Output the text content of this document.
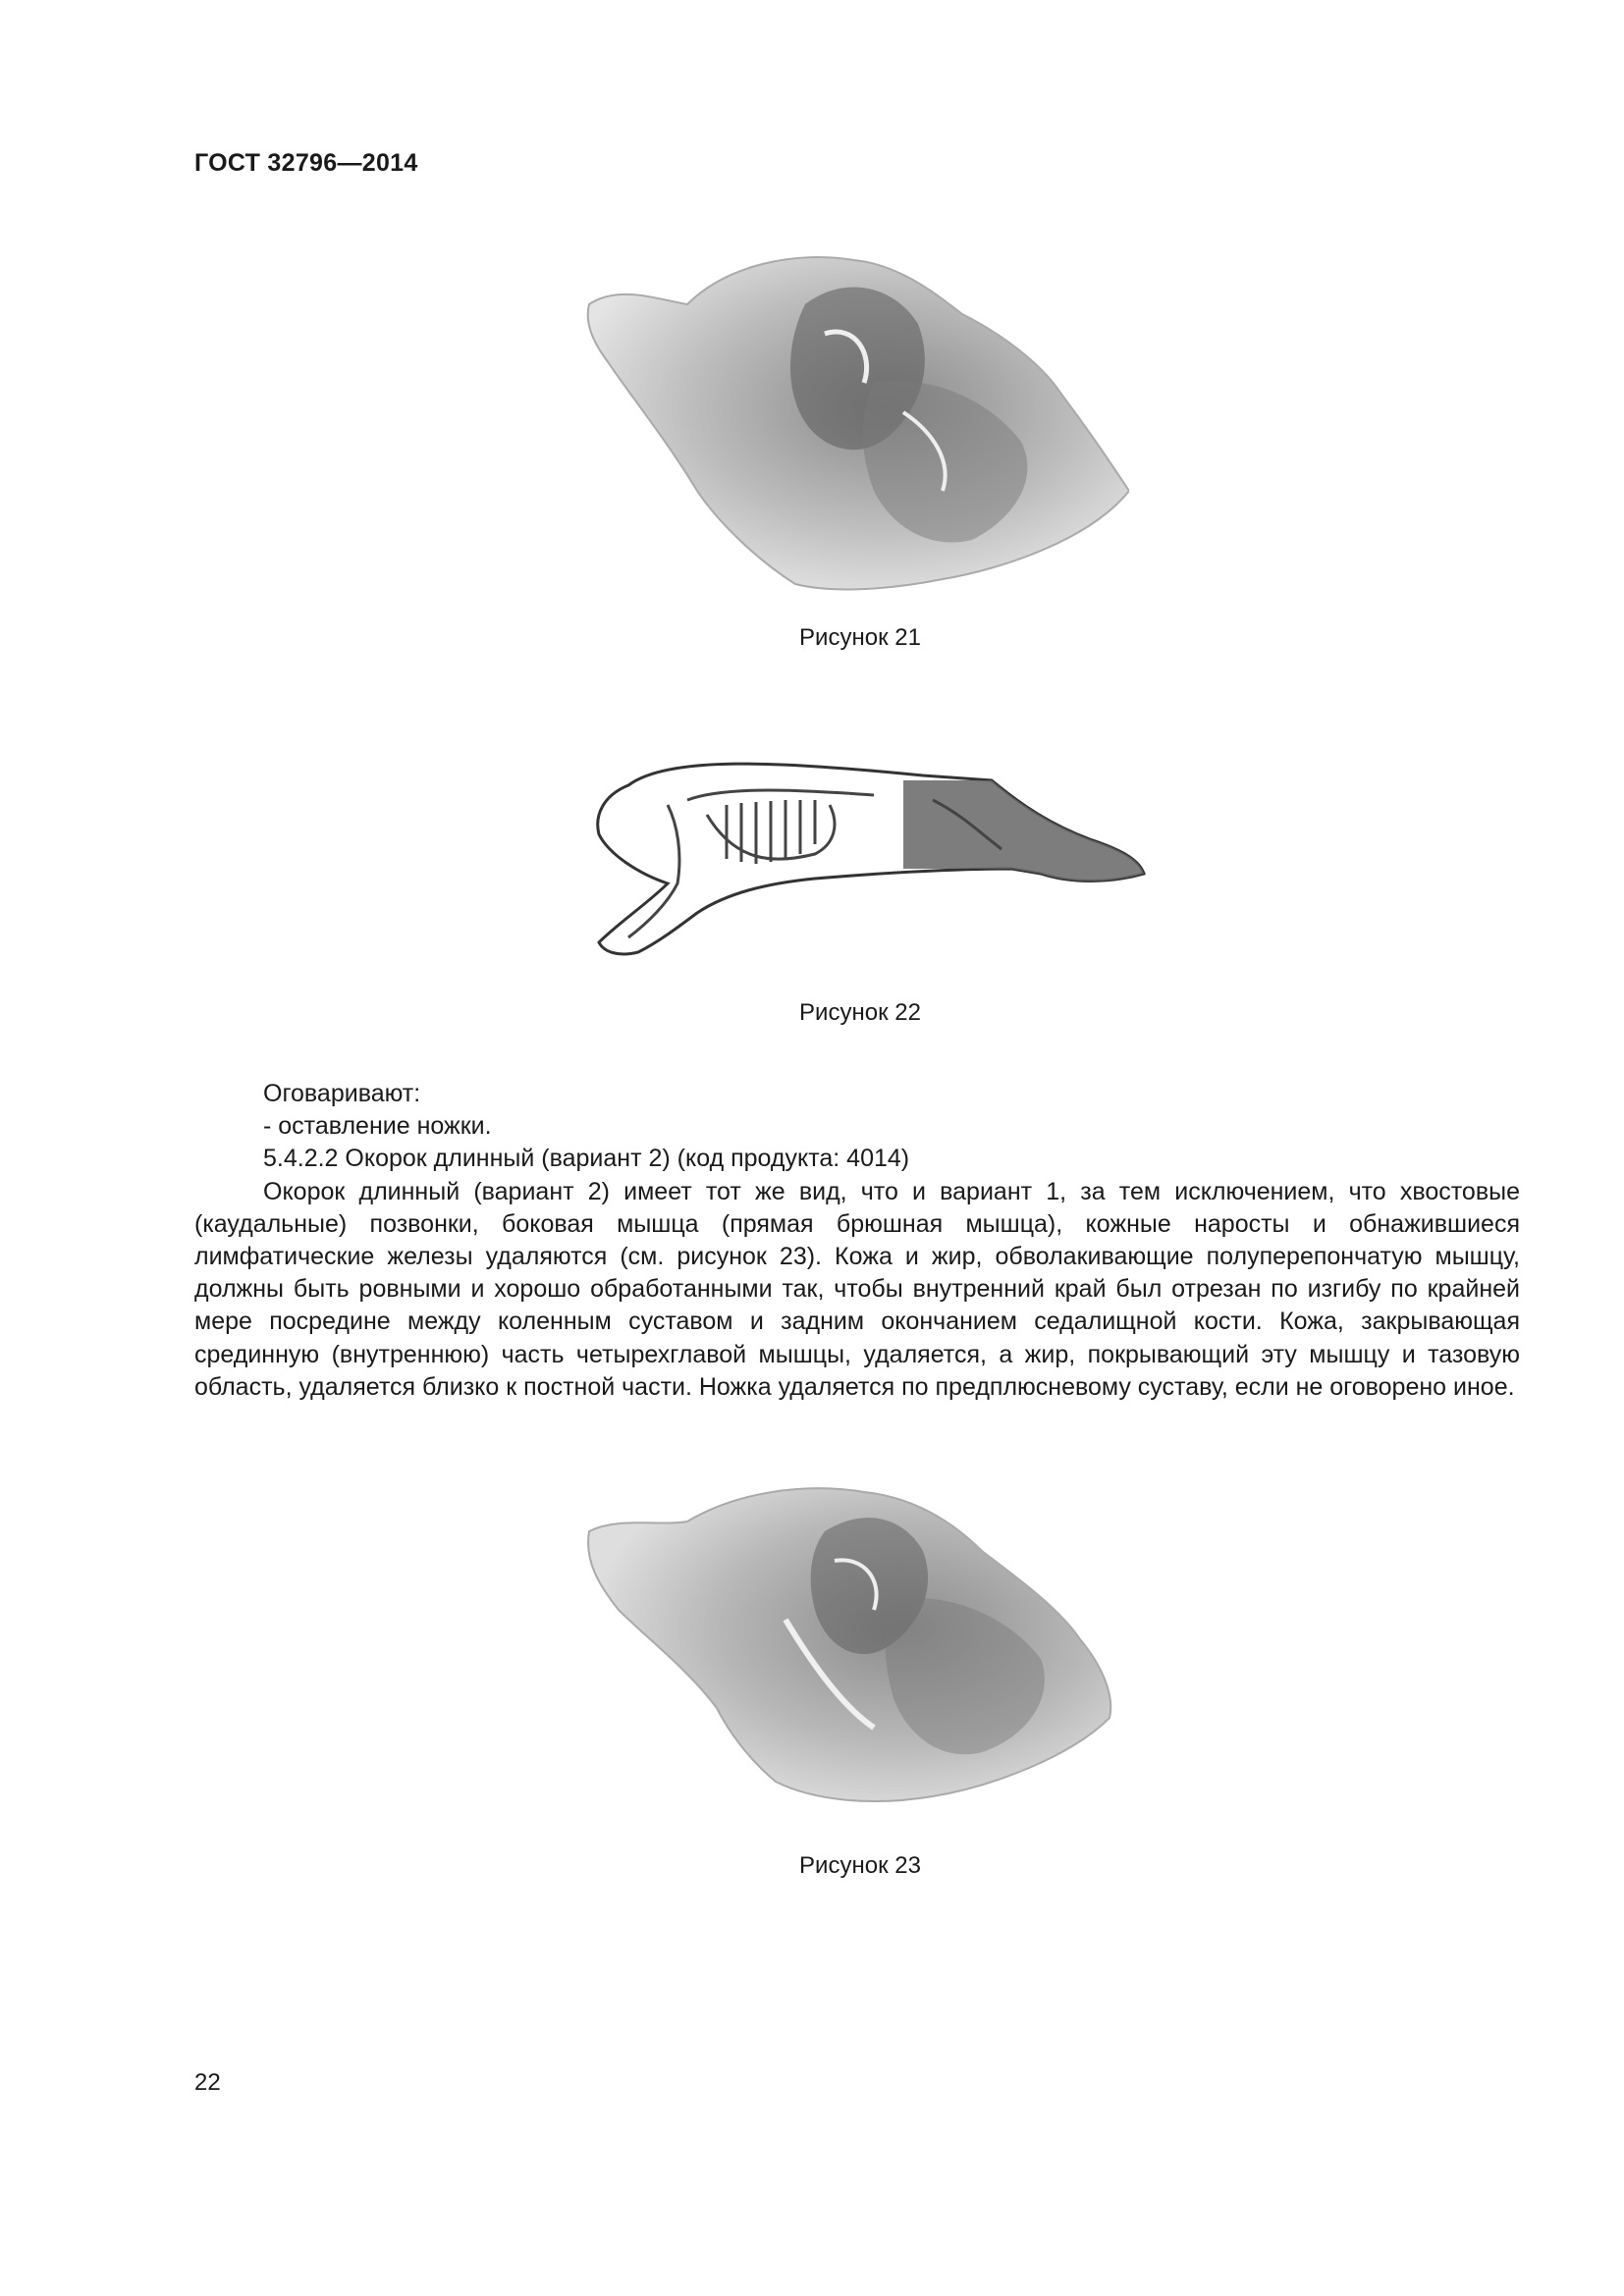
ГОСТ 32796—2014
Рисунок 21
Рисунок 22
Оговаривают:
- оставление ножки.
5.4.2.2 Окорок длинный (вариант 2) (код продукта: 4014)
Окорок длинный (вариант 2) имеет тот же вид, что и вариант 1, за тем исключением, что хвостовые (каудальные) позвонки, боковая мышца (прямая брюшная мышца), кожные наросты и обнажившиеся лимфатические железы удаляются (см. рисунок 23). Кожа и жир, обволакивающие полуперепончатую мышцу, должны быть ровными и хорошо обработанными так, чтобы внутренний край был отрезан по изгибу по крайней мере посредине между коленным суставом и задним окончанием седалищной кости. Кожа, закрывающая срединную (внутреннюю) часть четырехглавой мышцы, удаляется, а жир, покрывающий эту мышцу и тазовую область, удаляется близко к постной части. Ножка удаляется по предплюсневому суставу, если не оговорено иное.
Рисунок 23
22
